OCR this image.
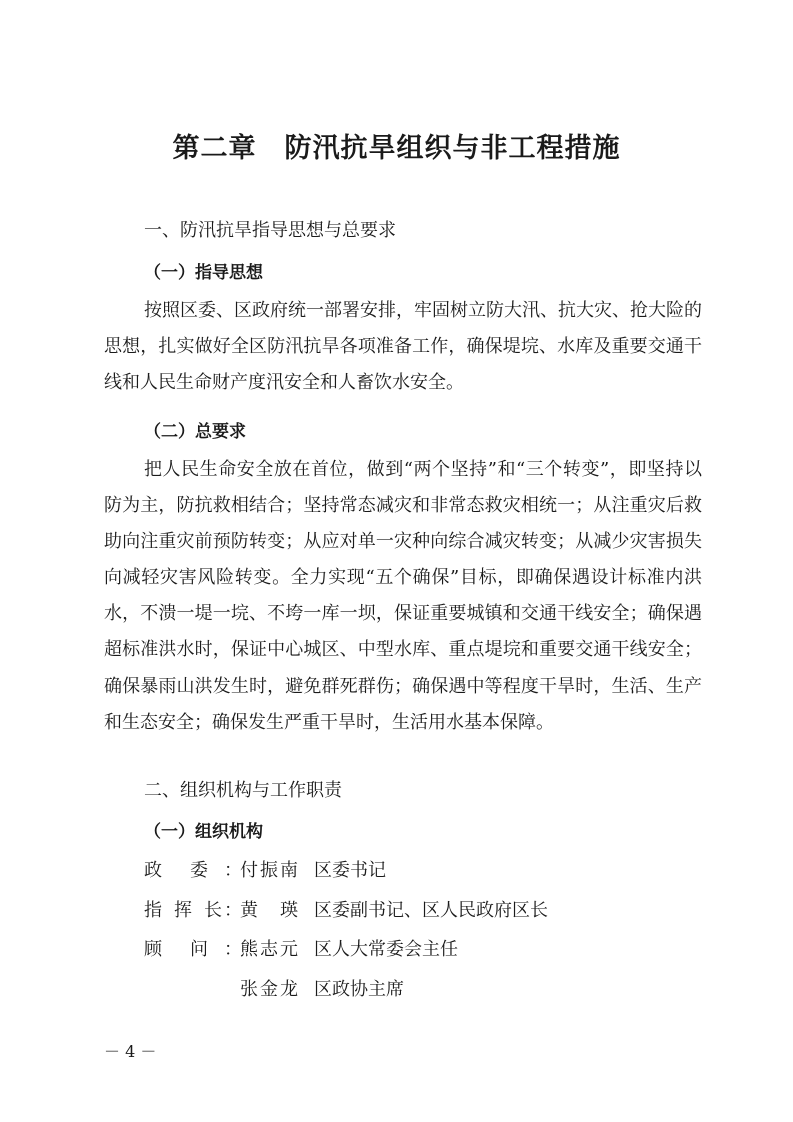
第二章　防汛抗旱组织与非工程措施
一、防汛抗旱指导思想与总要求
（一）指导思想

按照区委、区政府统一部署安排，牢固树立防大汛、抗大灾、抢大险的思想，扎实做好全区防汛抗旱各项准备工作，确保堤垸、水库及重要交通干线和人民生命财产度汛安全和人畜饮水安全。

（二）总要求

把人民生命安全放在首位，做到“两个坚持”和“三个转变”，即坚持以防为主，防抗救相结合；坚持常态减灾和非常态救灾相统一；从注重灾后救助向注重灾前预防转变；从应对单一灾种向综合减灾转变；从减少灾害损失向减轻灾害风险转变。全力实现“五个确保”目标，即确保遇设计标准内洪水，不溃一堤一垸、不垮一库一坝，保证重要城镇和交通干线安全；确保遇超标准洪水时，保证中心城区、中型水库、重点堤垸和重要交通干线安全；确保暴雨山洪发生时，避免群死群伤；确保遇中等程度干旱时，生活、生产和生态安全；确保发生严重干旱时，生活用水基本保障。

二、组织机构与工作职责
（一）组织机构
政委 ：
付振南 区委书记
指挥长 ：
黄瑛 区委副书记、区人民政府区长
顾问 ：
熊志元 区人大常委会主任
张金龙 区政协主席
－ 4 －
